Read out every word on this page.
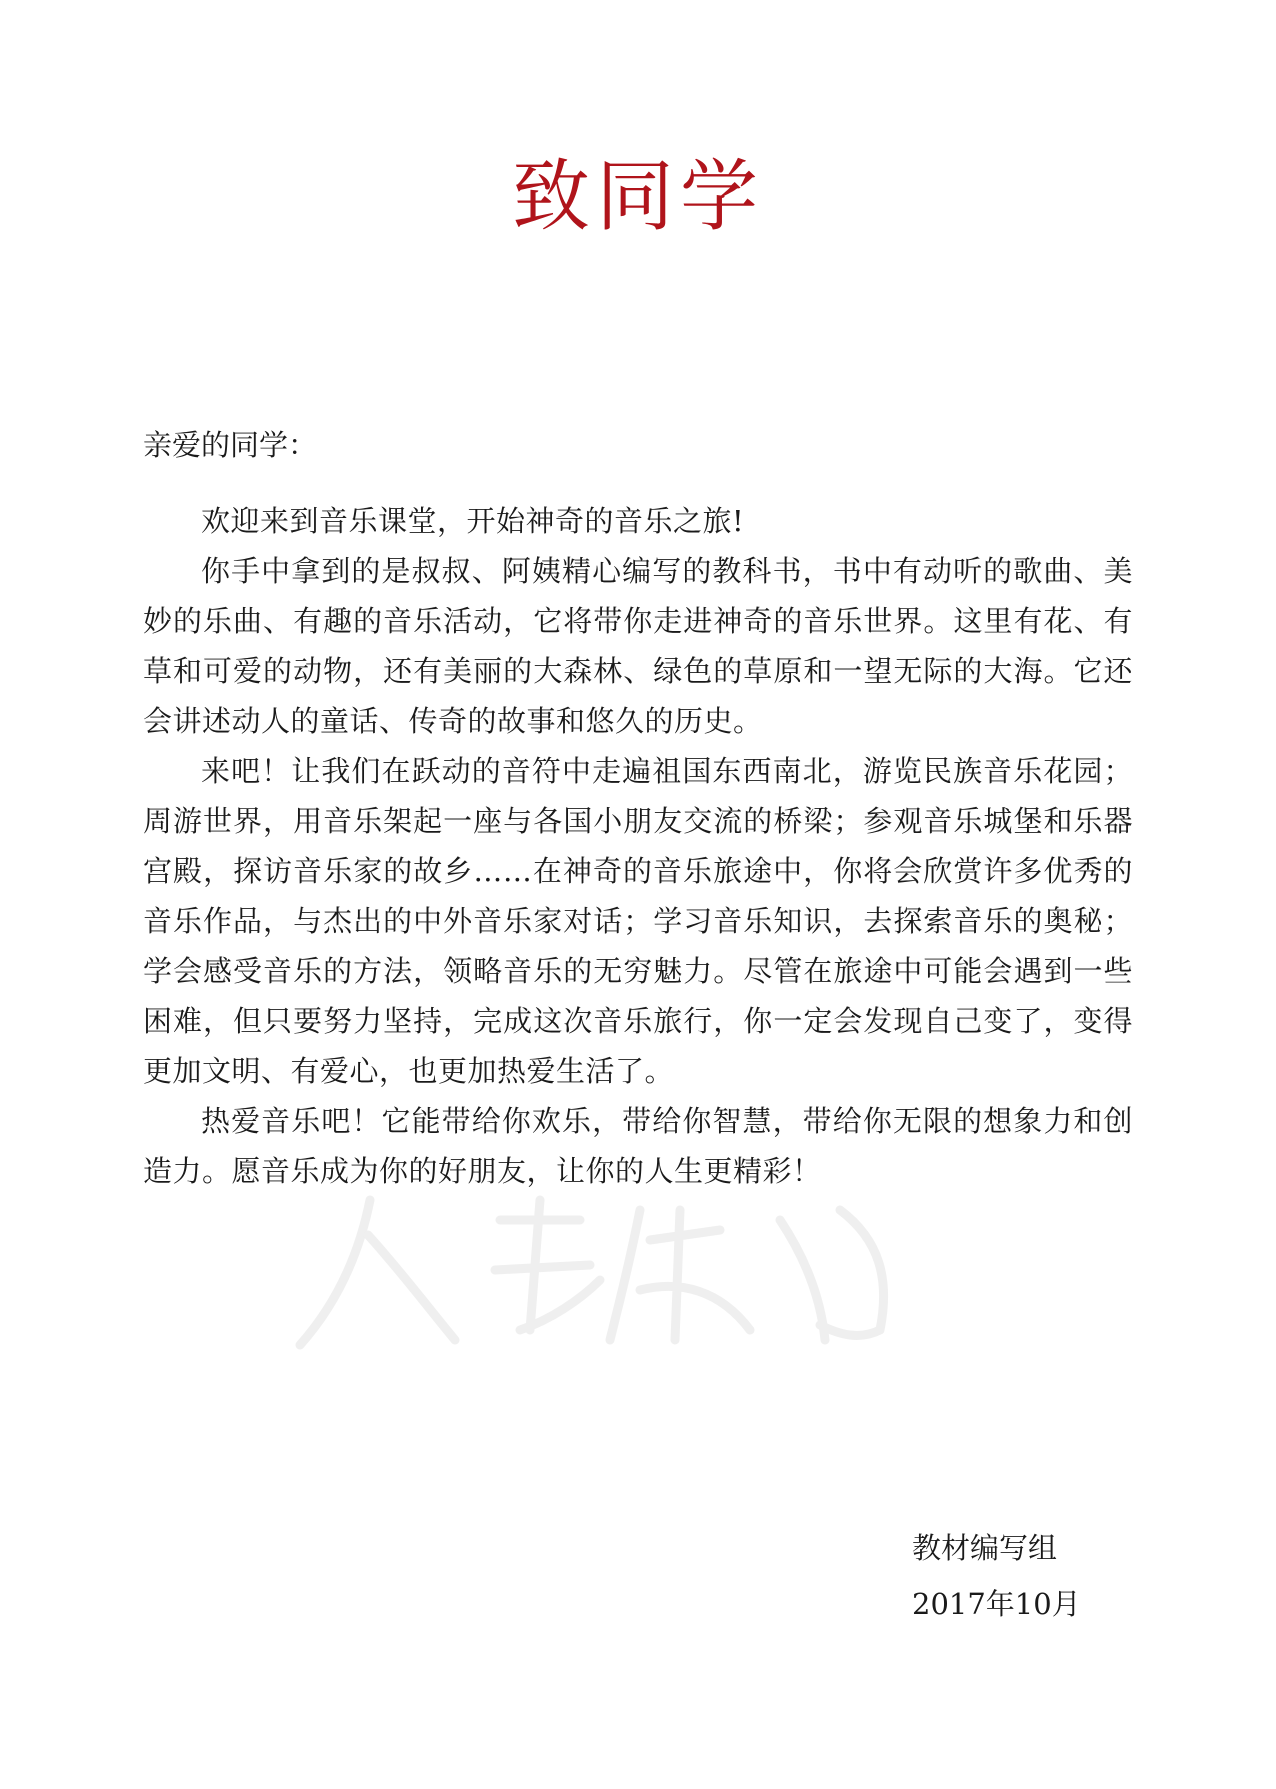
致同学

亲爱的同学：

欢迎来到音乐课堂，开始神奇的音乐之旅!

你手中拿到的是叔叔、阿姨精心编写的教科书，书中有动听的歌曲、美妙的乐曲、有趣的音乐活动，它将带你走进神奇的音乐世界。这里有花、有草和可爱的动物，还有美丽的大森林、绿色的草原和一望无际的大海。它还会讲述动人的童话、传奇的故事和悠久的历史。

来吧！让我们在跃动的音符中走遍祖国东西南北，游览民族音乐花园；周游世界，用音乐架起一座与各国小朋友交流的桥梁；参观音乐城堡和乐器宫殿，探访音乐家的故乡……在神奇的音乐旅途中，你将会欣赏许多优秀的音乐作品，与杰出的中外音乐家对话；学习音乐知识，去探索音乐的奥秘；学会感受音乐的方法，领略音乐的无穷魅力。尽管在旅途中可能会遇到一些困难，但只要努力坚持，完成这次音乐旅行，你一定会发现自己变了，变得更加文明、有爱心，也更加热爱生活了。

热爱音乐吧！它能带给你欢乐，带给你智慧，带给你无限的想象力和创造力。愿音乐成为你的好朋友，让你的人生更精彩！

教材编写组
2017年10月
